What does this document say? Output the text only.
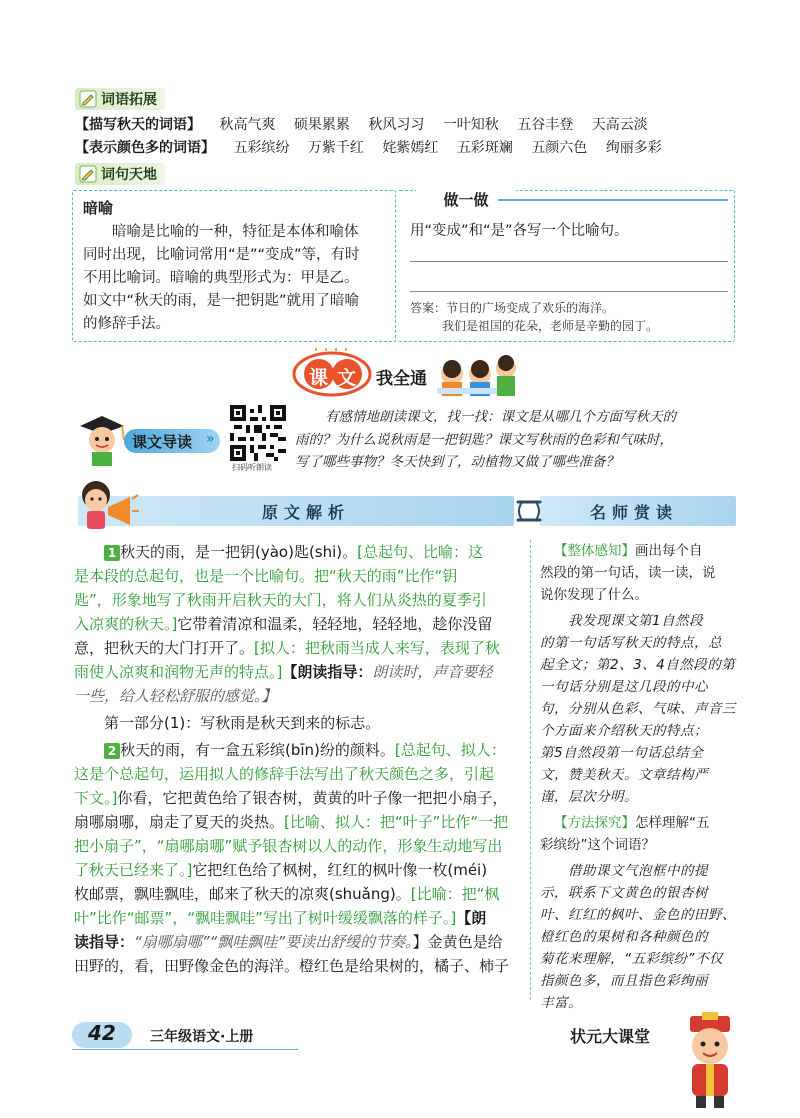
词语拓展
【描写秋天的词语】 秋高气爽 硕果累累 秋风习习 一叶知秋 五谷丰登 天高云淡
【表示颜色多的词语】 五彩缤纷 万紫千红 姹紫嫣红 五彩斑斓 五颜六色 绚丽多彩
词句天地
暗喻
暗喻是比喻的一种，特征是本体和喻体
同时出现，比喻词常用“是”“变成”等，有时
不用比喻词。暗喻的典型形式为：甲是乙。
如文中“秋天的雨，是一把钥匙”就用了暗喻
的修辞手法。
做一做
用“变成”和“是”各写一个比喻句。
答案：节日的广场变成了欢乐的海洋。
我们是祖国的花朵，老师是辛勤的园丁。
课 文 我全通
课文导读 »
扫码听朗读
有感情地朗读课文，找一找：课文是从哪几个方面写秋天的
雨的？为什么说秋雨是一把钥匙？课文写秋雨的色彩和气味时，
写了哪些事物？冬天快到了，动植物又做了哪些准备？
原文解析	名师赏读
1 秋天的雨，是一把钥(yào)匙(shi)。[总起句、比喻：这
是本段的总起句，也是一个比喻句。把“秋天的雨”比作“钥
匙”，形象地写了秋雨开启秋天的大门，将人们从炎热的夏季引
入凉爽的秋天。]它带着清凉和温柔，轻轻地，轻轻地，趁你没留
意，把秋天的大门打开了。[拟人：把秋雨当成人来写，表现了秋
雨使人凉爽和润物无声的特点。]【朗读指导：朗读时，声音要轻
一些，给人轻松舒服的感觉。】
第一部分(1)：写秋雨是秋天到来的标志。
2 秋天的雨，有一盒五彩缤(bīn)纷的颜料。[总起句、拟人：
这是个总起句，运用拟人的修辞手法写出了秋天颜色之多，引起
下文。]你看，它把黄色给了银杏树，黄黄的叶子像一把把小扇子，
扇哪扇哪，扇走了夏天的炎热。[比喻、拟人：把“叶子”比作“一把
把小扇子”，“扇哪扇哪”赋予银杏树以人的动作，形象生动地写出
了秋天已经来了。]它把红色给了枫树，红红的枫叶像一枚(méi)
枚邮票，飘哇飘哇，邮来了秋天的凉爽(shuǎng)。[比喻：把“枫
叶”比作“邮票”，“飘哇飘哇”写出了树叶缓缓飘落的样子。]【朗
读指导：“扇哪扇哪”“飘哇飘哇”要读出舒缓的节奏。】金黄色是给
田野的，看，田野像金色的海洋。橙红色是给果树的，橘子、柿子
【整体感知】画出每个自
然段的第一句话，读一读，说
说你发现了什么。
我发现课文第1自然段
的第一句话写秋天的特点，总
起全文；第2、3、4自然段的第
一句话分别是这几段的中心
句，分别从色彩、气味、声音三
个方面来介绍秋天的特点；
第5自然段第一句话总结全
文，赞美秋天。文章结构严
谨，层次分明。
【方法探究】怎样理解“五
彩缤纷”这个词语？
借助课文气泡框中的提
示，联系下文黄色的银杏树
叶、红红的枫叶、金色的田野、
橙红色的果树和各种颜色的
菊花来理解，“五彩缤纷”不仅
指颜色多，而且指色彩绚丽
丰富。
42 三年级语文·上册	状元大课堂
